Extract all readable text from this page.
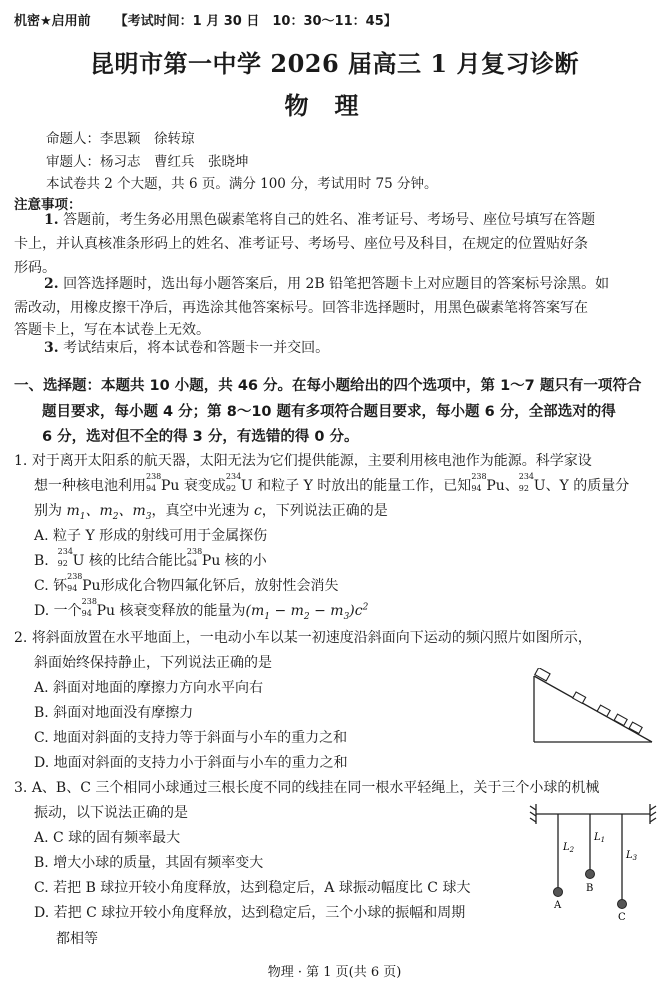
机密★启用前 【考试时间：1 月 30 日　10：30～11：45】
昆明市第一中学 2026 届高三 1 月复习诊断
物理
命题人：李思颖　徐转琼
审题人：杨习志　曹红兵　张晓坤
本试卷共 2 个大题，共 6 页。满分 100 分，考试用时 75 分钟。
注意事项：
1. 答题前，考生务必用黑色碳素笔将自己的姓名、准考证号、考场号、座位号填写在答题
卡上，并认真核准条形码上的姓名、准考证号、考场号、座位号及科目，在规定的位置贴好条
形码。
2. 回答选择题时，选出每小题答案后，用 2B 铅笔把答题卡上对应题目的答案标号涂黑。如
需改动，用橡皮擦干净后，再选涂其他答案标号。回答非选择题时，用黑色碳素笔将答案写在
答题卡上，写在本试卷上无效。
3. 考试结束后，将本试卷和答题卡一并交回。
一、选择题：本题共 10 小题，共 46 分。在每小题给出的四个选项中，第 1～7 题只有一项符合
题目要求，每小题 4 分；第 8～10 题有多项符合题目要求，每小题 6 分，全部选对的得
6 分，选对但不全的得 3 分，有选错的得 0 分。
1. 对于离开太阳系的航天器，太阳无法为它们提供能源，主要利用核电池作为能源。科学家设
想一种核电池利用
238
94 Pu 衰变成
234
92 U 和粒子 Y 时放出的能量工作，已知
238
94 Pu、
234
92 U、Y 的质量分
别为 $m_1$、$m_2$、$m_3$，真空中光速为 c，下列说法正确的是
A. 粒子 Y 形成的射线可用于金属探伤
B.
234
92 U 核的比结合能比
238
94 Pu 核的小
C. 钚
238
94 Pu形成化合物四氟化钚后，放射性会消失
D. 一个
238
94 Pu 核衰变释放的能量为$(m_1 - m_2 - m_3)c^2$
2. 将斜面放置在水平地面上，一电动小车以某一初速度沿斜面向下运动的频闪照片如图所示，
斜面始终保持静止，下列说法正确的是
A. 斜面对地面的摩擦力方向水平向右
B. 斜面对地面没有摩擦力
C. 地面对斜面的支持力等于斜面与小车的重力之和
D. 地面对斜面的支持力小于斜面与小车的重力之和
3. A、B、C 三个相同小球通过三根长度不同的线挂在同一根水平轻绳上，关于三个小球的机械
振动，以下说法正确的是
A. C 球的固有频率最大
B. 增大小球的质量，其固有频率变大
C. 若把 B 球拉开较小角度释放，达到稳定后，A 球振动幅度比 C 球大
D. 若把 C 球拉开较小角度释放，达到稳定后，三个小球的振幅和周期
都相等
$L_2$
$L_1$
$L_3$
A
B
C
物理 · 第 1 页(共 6 页)
